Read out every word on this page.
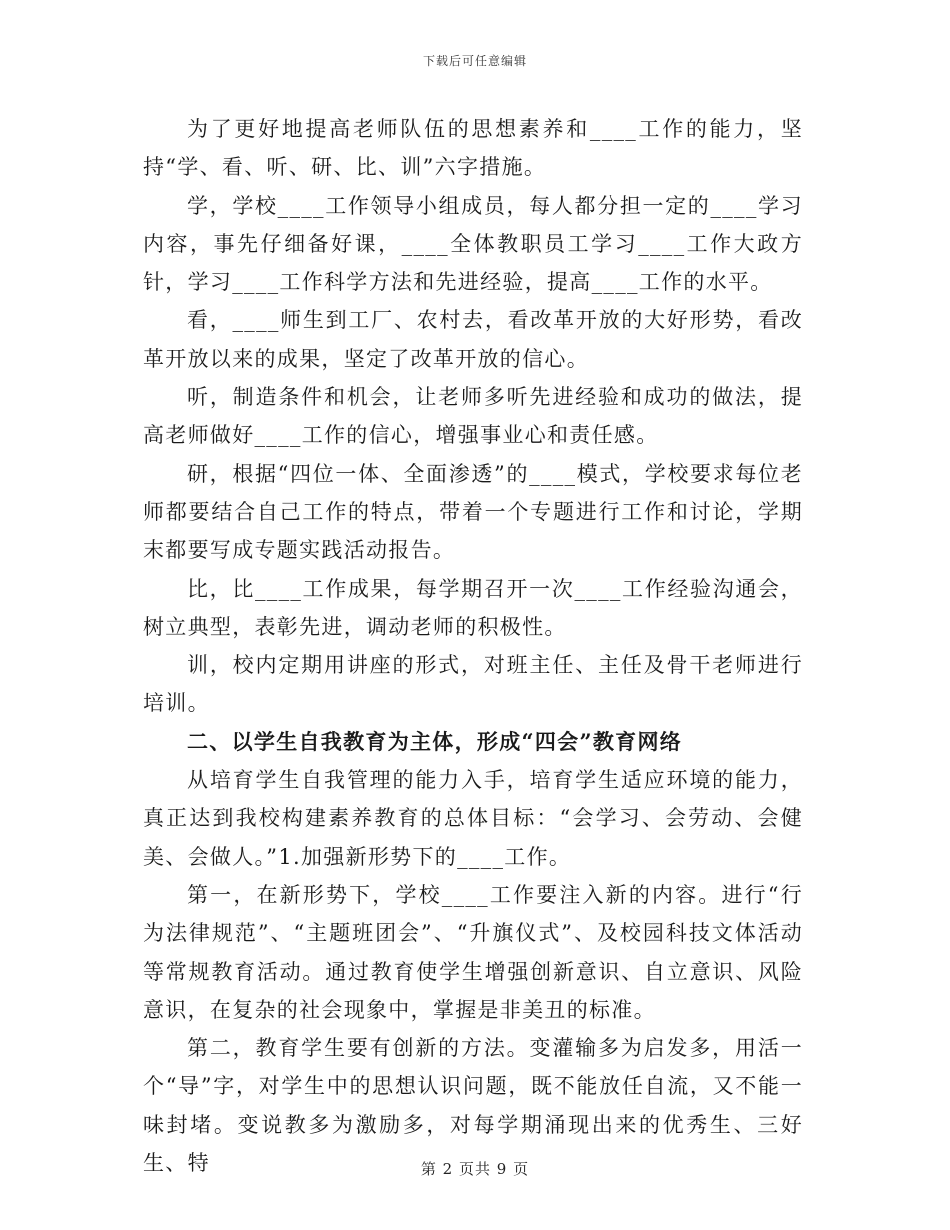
下载后可任意编辑

为了更好地提高老师队伍的思想素养和____工作的能力，坚持“学、看、听、研、比、训”六字措施。

学，学校____工作领导小组成员，每人都分担一定的____学习内容，事先仔细备好课，____全体教职员工学习____工作大政方针，学习____工作科学方法和先进经验，提高____工作的水平。

看，____师生到工厂、农村去，看改革开放的大好形势，看改革开放以来的成果，坚定了改革开放的信心。

听，制造条件和机会，让老师多听先进经验和成功的做法，提高老师做好____工作的信心，增强事业心和责任感。

研，根据“四位一体、全面渗透”的____模式，学校要求每位老师都要结合自己工作的特点，带着一个专题进行工作和讨论，学期末都要写成专题实践活动报告。

比，比____工作成果，每学期召开一次____工作经验沟通会，树立典型，表彰先进，调动老师的积极性。

训，校内定期用讲座的形式，对班主任、主任及骨干老师进行培训。

二、以学生自我教育为主体，形成“四会”教育网络

从培育学生自我管理的能力入手，培育学生适应环境的能力，真正达到我校构建素养教育的总体目标：“会学习、会劳动、会健美、会做人。”1.加强新形势下的____工作。

第一，在新形势下，学校____工作要注入新的内容。进行“行为法律规范”、“主题班团会”、“升旗仪式”、及校园科技文体活动等常规教育活动。通过教育使学生增强创新意识、自立意识、风险意识，在复杂的社会现象中，掌握是非美丑的标准。

第二，教育学生要有创新的方法。变灌输多为启发多，用活一个“导”字，对学生中的思想认识问题，既不能放任自流，又不能一味封堵。变说教多为激励多，对每学期涌现出来的优秀生、三好生、特	第 2 页共 9 页
